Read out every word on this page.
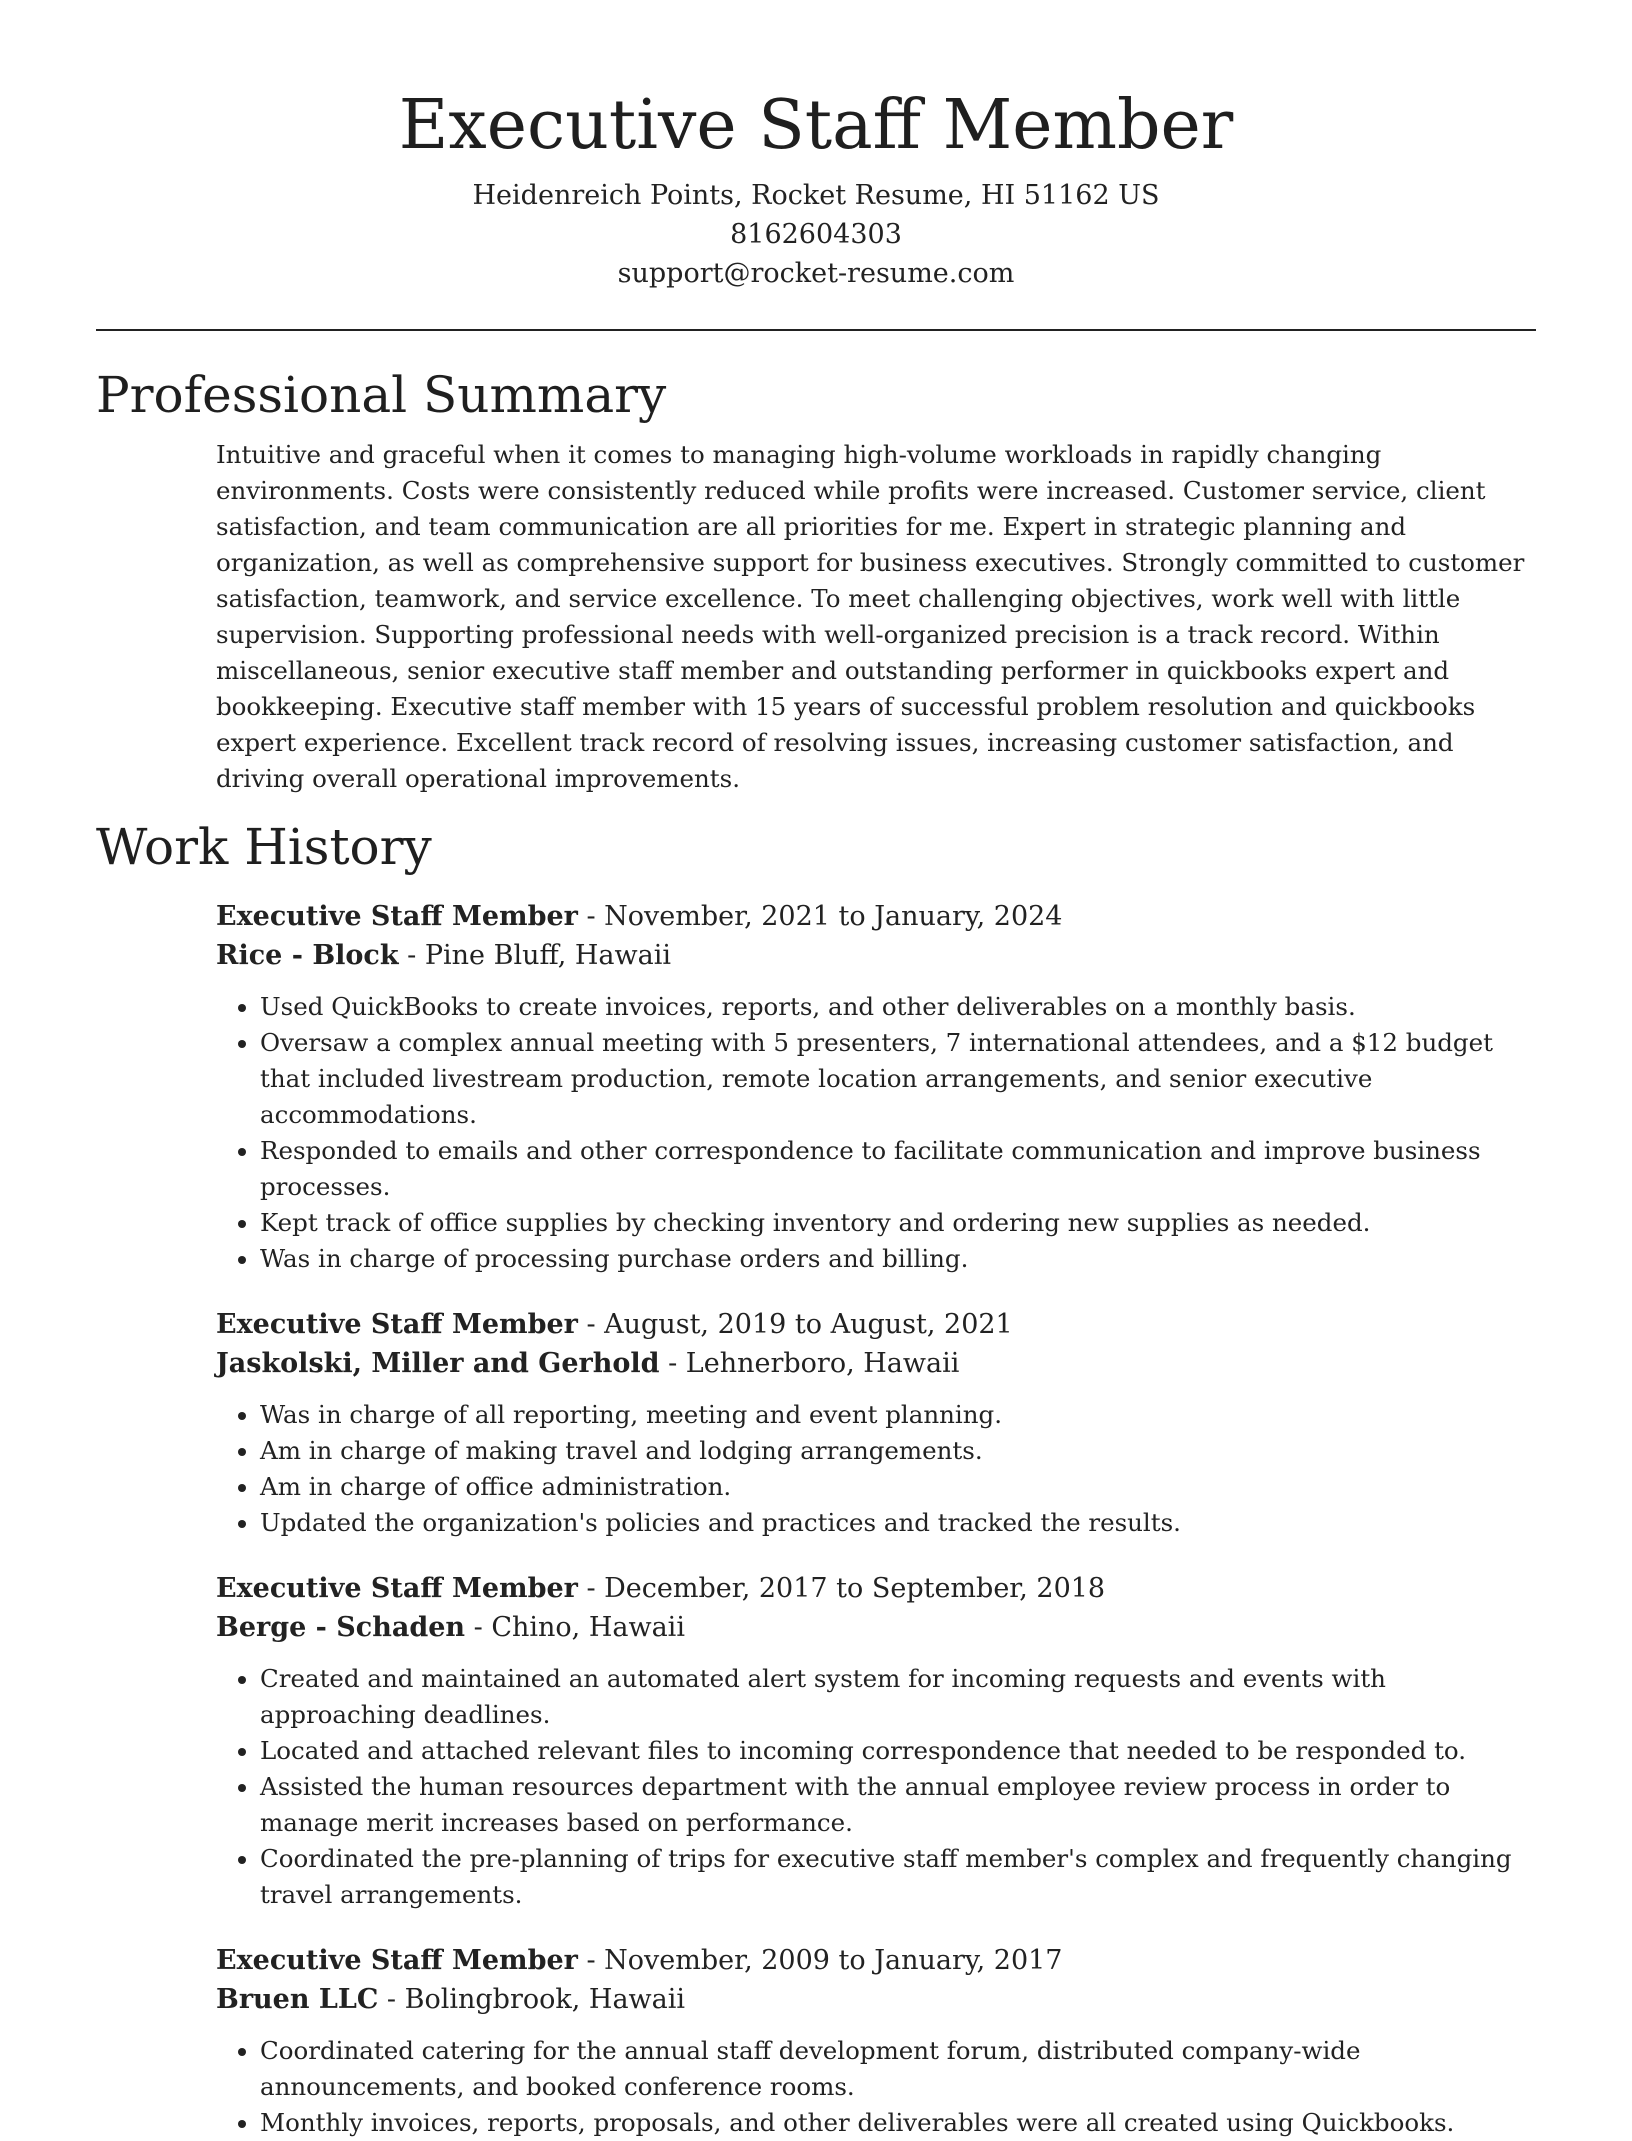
Executive Staff Member
Heidenreich Points, Rocket Resume, HI 51162 US
8162604303
support@rocket-resume.com
Professional Summary
Intuitive and graceful when it comes to managing high-volume workloads in rapidly changing environments. Costs were consistently reduced while profits were increased. Customer service, client satisfaction, and team communication are all priorities for me. Expert in strategic planning and organization, as well as comprehensive support for business executives. Strongly committed to customer satisfaction, teamwork, and service excellence. To meet challenging objectives, work well with little supervision. Supporting professional needs with well-organized precision is a track record. Within miscellaneous, senior executive staff member and outstanding performer in quickbooks expert and bookkeeping. Executive staff member with 15 years of successful problem resolution and quickbooks expert experience. Excellent track record of resolving issues, increasing customer satisfaction, and driving overall operational improvements.
Work History
Executive Staff Member - November, 2021 to January, 2024
Rice - Block - Pine Bluff, Hawaii
• Used QuickBooks to create invoices, reports, and other deliverables on a monthly basis.
• Oversaw a complex annual meeting with 5 presenters, 7 international attendees, and a $12 budget that included livestream production, remote location arrangements, and senior executive accommodations.
• Responded to emails and other correspondence to facilitate communication and improve business processes.
• Kept track of office supplies by checking inventory and ordering new supplies as needed.
• Was in charge of processing purchase orders and billing.
Executive Staff Member - August, 2019 to August, 2021
Jaskolski, Miller and Gerhold - Lehnerboro, Hawaii
• Was in charge of all reporting, meeting and event planning.
• Am in charge of making travel and lodging arrangements.
• Am in charge of office administration.
• Updated the organization's policies and practices and tracked the results.
Executive Staff Member - December, 2017 to September, 2018
Berge - Schaden - Chino, Hawaii
• Created and maintained an automated alert system for incoming requests and events with approaching deadlines.
• Located and attached relevant files to incoming correspondence that needed to be responded to.
• Assisted the human resources department with the annual employee review process in order to manage merit increases based on performance.
• Coordinated the pre-planning of trips for executive staff member's complex and frequently changing travel arrangements.
Executive Staff Member - November, 2009 to January, 2017
Bruen LLC - Bolingbrook, Hawaii
• Coordinated catering for the annual staff development forum, distributed company-wide announcements, and booked conference rooms.
• Monthly invoices, reports, proposals, and other deliverables were all created using Quickbooks.
